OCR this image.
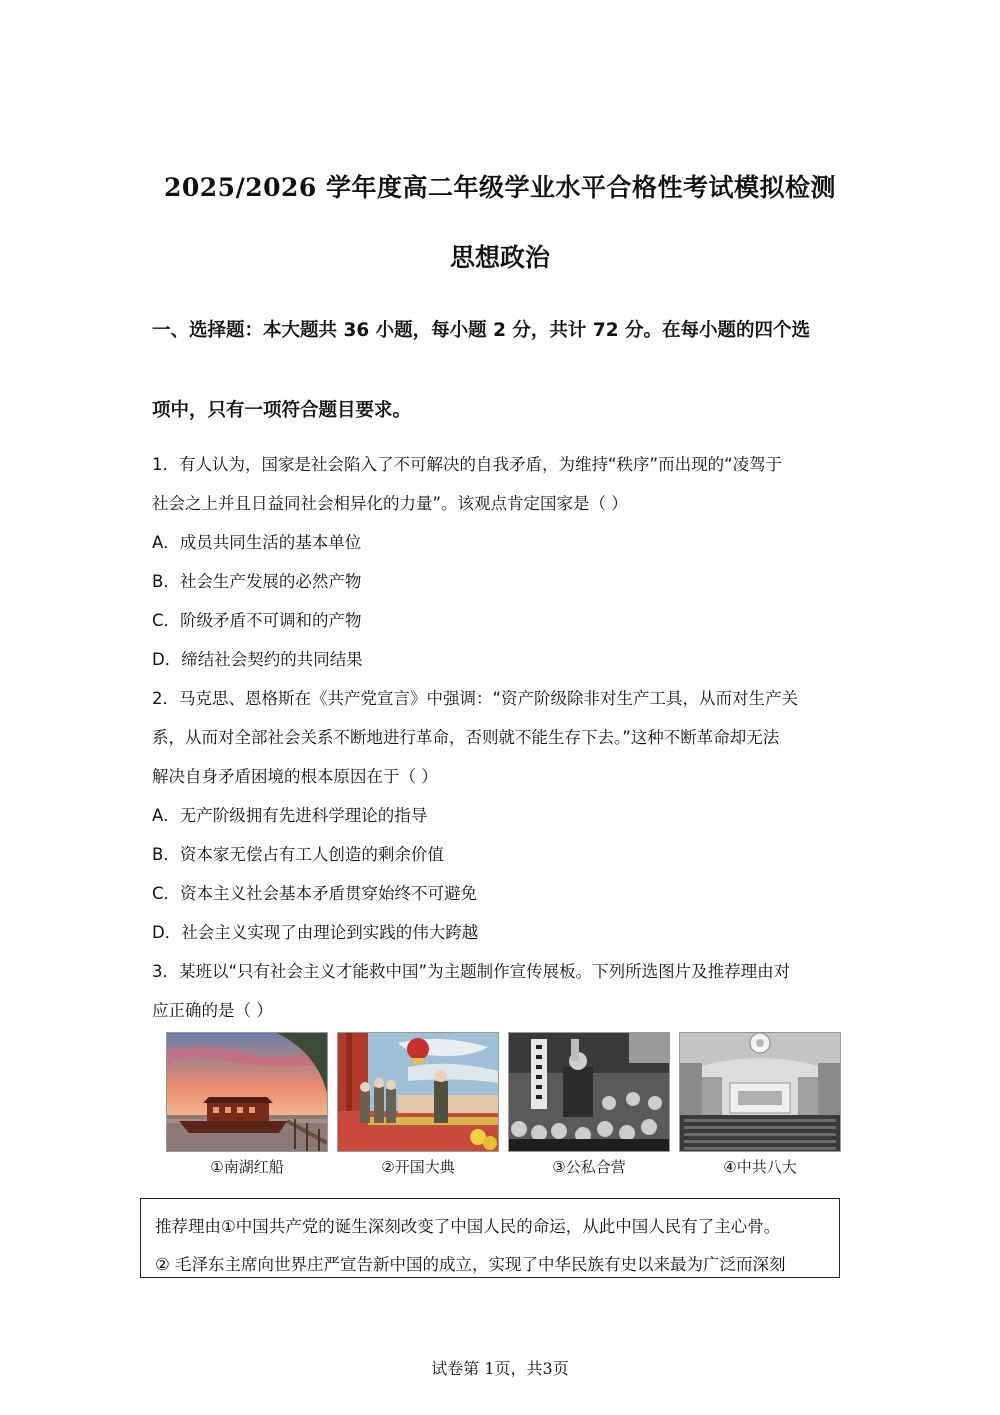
2025/2026 学年度高二年级学业水平合格性考试模拟检测
思想政治
一、选择题：本大题共 36 小题，每小题 2 分，共计 72 分。在每小题的四个选
项中，只有一项符合题目要求。
1．有人认为，国家是社会陷入了不可解决的自我矛盾，为维持“秩序”而出现的“凌驾于
社会之上并且日益同社会相异化的力量”。该观点肯定国家是（ ）
A．成员共同生活的基本单位
B．社会生产发展的必然产物
C．阶级矛盾不可调和的产物
D．缔结社会契约的共同结果
2．马克思、恩格斯在《共产党宣言》中强调：“资产阶级除非对生产工具，从而对生产关
系，从而对全部社会关系不断地进行革命，否则就不能生存下去。”这种不断革命却无法
解决自身矛盾困境的根本原因在于（ ）
A．无产阶级拥有先进科学理论的指导
B．资本家无偿占有工人创造的剩余价值
C．资本主义社会基本矛盾贯穿始终不可避免
D．社会主义实现了由理论到实践的伟大跨越
3．某班以“只有社会主义才能救中国”为主题制作宣传展板。下列所选图片及推荐理由对
应正确的是（ ）
①南湖红船	②开国大典	③公私合营	④中共八大
推荐理由①中国共产党的诞生深刻改变了中国人民的命运，从此中国人民有了主心骨。
② 毛泽东主席向世界庄严宣告新中国的成立，实现了中华民族有史以来最为广泛而深刻
试卷第 1页，共3页
